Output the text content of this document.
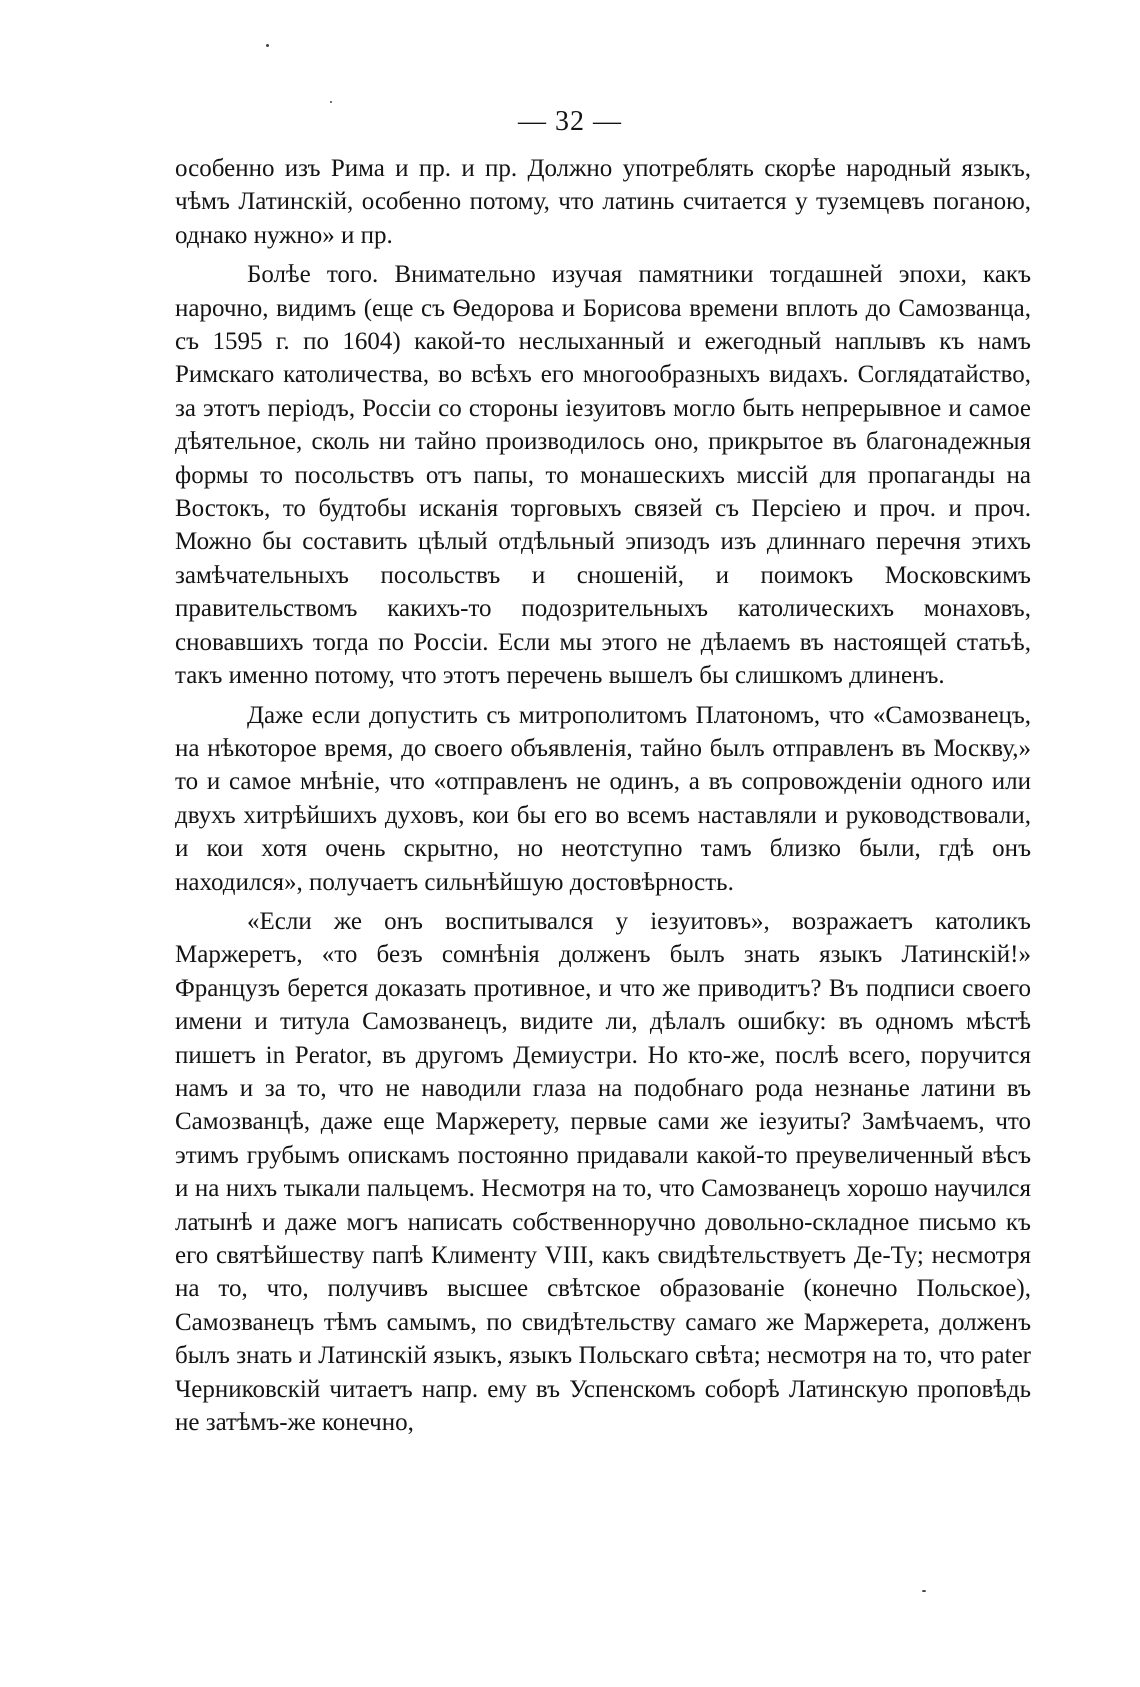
— 32 —

особенно изъ Рима и пр. и пр. Должно употреблять скорѣе народный языкъ, чѣмъ Латинскій, особенно потому, что латинь считается у туземцевъ поганою, однако нужно» и пр.

Болѣе того. Внимательно изучая памятники тогдашней эпохи, какъ нарочно, видимъ (еще съ Ѳедорова и Борисова времени вплоть до Самозванца, съ 1595 г. по 1604) какой-то неслыханный и ежегодный наплывъ къ намъ Римскаго католичества, во всѣхъ его многообразныхъ видахъ. Соглядатайство, за этотъ періодъ, Россіи со стороны іезуитовъ могло быть непрерывное и самое дѣятельное, сколь ни тайно производилось оно, прикрытое въ благонадежныя формы то посольствъ отъ папы, то монашескихъ миссій для пропаганды на Востокъ, то будтобы исканія торговыхъ связей съ Персіею и проч. и проч. Можно бы составить цѣлый отдѣльный эпизодъ изъ длиннаго перечня этихъ замѣчательныхъ посольствъ и сношеній, и поимокъ Московскимъ правительствомъ какихъ-то подозрительныхъ католическихъ монаховъ, сновавшихъ тогда по Россіи. Если мы этого не дѣлаемъ въ настоящей статьѣ, такъ именно потому, что этотъ перечень вышелъ бы слишкомъ длиненъ.

Даже если допустить съ митрополитомъ Платономъ, что «Самозванецъ, на нѣкоторое время, до своего объявленія, тайно былъ отправленъ въ Москву,» то и самое мнѣніе, что «отправленъ не одинъ, а въ сопровожденіи одного или двухъ хитрѣйшихъ духовъ, кои бы его во всемъ наставляли и руководствовали, и кои хотя очень скрытно, но неотступно тамъ близко были, гдѣ онъ находился», получаетъ сильнѣйшую достовѣрность.

«Если же онъ воспитывался у іезуитовъ», возражаетъ католикъ Маржеретъ, «то безъ сомнѣнія долженъ былъ знать языкъ Латинскій!» Французъ берется доказать противное, и что же приводитъ? Въ подписи своего имени и титула Самозванецъ, видите ли, дѣлалъ ошибку: въ одномъ мѣстѣ пишетъ in Perator, въ другомъ Демиустри. Но кто-же, послѣ всего, поручится намъ и за то, что не наводили глаза на подобнаго рода незнанье латини въ Самозванцѣ, даже еще Маржерету, первые сами же іезуиты? Замѣчаемъ, что этимъ грубымъ опискамъ постоянно придавали какой-то преувеличенный вѣсъ и на нихъ тыкали пальцемъ. Несмотря на то, что Самозванецъ хорошо научился латынѣ и даже могъ написать собственноручно довольно-складное письмо къ его святѣйшеству папѣ Клименту VIII, какъ свидѣтельствуетъ Де-Ту; несмотря на то, что, получивъ высшее свѣтское образованіе (конечно Польское), Самозванецъ тѣмъ самымъ, по свидѣтельству самаго же Маржерета, долженъ былъ знать и Латинскій языкъ, языкъ Польскаго свѣта; несмотря на то, что pater Черниковскій читаетъ напр. ему въ Успенскомъ соборѣ Латинскую проповѣдь не затѣмъ-же конечно,
